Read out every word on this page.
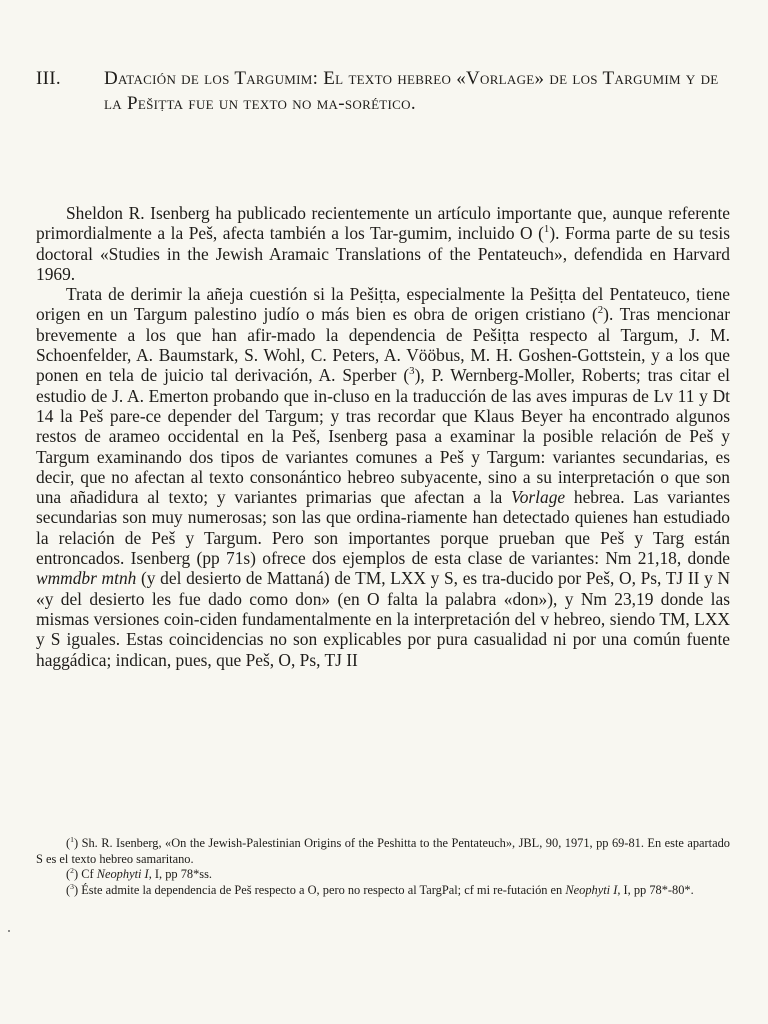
III.	Datación de los Targumim: El texto hebreo «Vorlage» de los Targumim y de la Pešiṭta fue un texto no ma-sorético.

Sheldon R. Isenberg ha publicado recientemente un artículo importante que, aunque referente primordialmente a la Peš, afecta también a los Tar-gumim, incluido O ($^1$). Forma parte de su tesis doctoral «Studies in the Jewish Aramaic Translations of the Pentateuch», defendida en Harvard 1969.

Trata de derimir la añeja cuestión si la Pešiṭta, especialmente la Pešiṭta del Pentateuco, tiene origen en un Targum palestino judío o más bien es obra de origen cristiano ($^2$). Tras mencionar brevemente a los que han afir-mado la dependencia de Pešiṭta respecto al Targum, J. M. Schoenfelder, A. Baumstark, S. Wohl, C. Peters, A. Vööbus, M. H. Goshen-Gottstein, y a los que ponen en tela de juicio tal derivación, A. Sperber ($^3$), P. Wernberg-Moller, Roberts; tras citar el estudio de J. A. Emerton probando que in-cluso en la traducción de las aves impuras de Lv 11 y Dt 14 la Peš pare-ce depender del Targum; y tras recordar que Klaus Beyer ha encontrado algunos restos de arameo occidental en la Peš, Isenberg pasa a examinar la posible relación de Peš y Targum examinando dos tipos de variantes comunes a Peš y Targum: variantes secundarias, es decir, que no afectan al texto consonántico hebreo subyacente, sino a su interpretación o que son una añadidura al texto; y variantes primarias que afectan a la Vorlage hebrea. Las variantes secundarias son muy numerosas; son las que ordina-riamente han detectado quienes han estudiado la relación de Peš y Targum. Pero son importantes porque prueban que Peš y Targ están entroncados. Isenberg (pp 71s) ofrece dos ejemplos de esta clase de variantes: Nm 21,18, donde wmmdbr mtnh (y del desierto de Mattaná) de TM, LXX y S, es tra-ducido por Peš, O, Ps, TJ II y N «y del desierto les fue dado como don» (en O falta la palabra «don»), y Nm 23,19 donde las mismas versiones coin-ciden fundamentalmente en la interpretación del v hebreo, siendo TM, LXX y S iguales. Estas coincidencias no son explicables por pura casualidad ni por una común fuente haggádica; indican, pues, que Peš, O, Ps, TJ II

($^1$) Sh. R. Isenberg, «On the Jewish-Palestinian Origins of the Peshitta to the Pentateuch», JBL, 90, 1971, pp 69-81. En este apartado S es el texto hebreo samaritano.

($^2$) Cf Neophyti I, I, pp 78*ss.

($^3$) Éste admite la dependencia de Peš respecto a O, pero no respecto al TargPal; cf mi re-futación en Neophyti I, I, pp 78*-80*.
